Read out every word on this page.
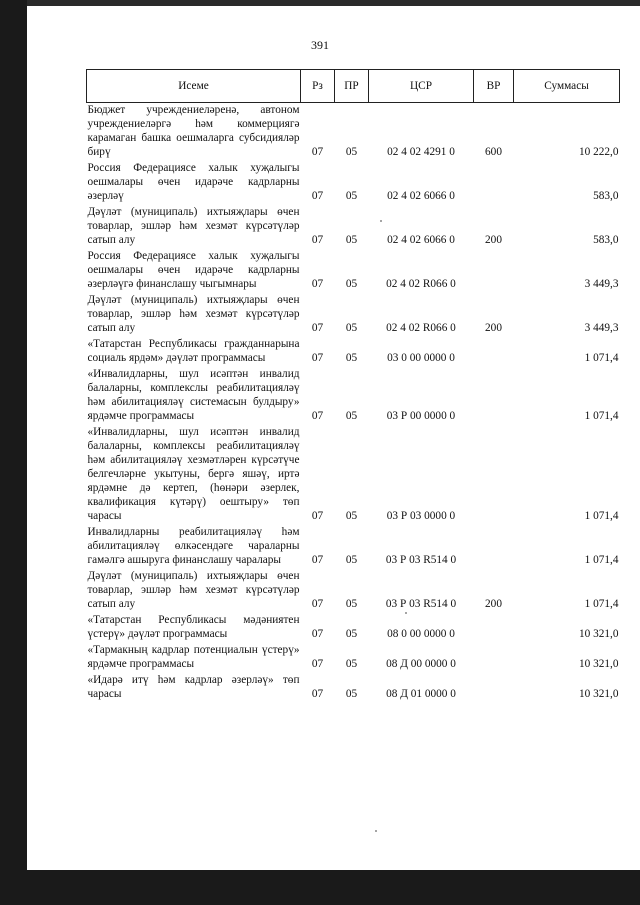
391
Исеме	Рз	ПР	ЦСР	ВР	Суммасы
Бюджет учреждениеләренә, автоном учреждениеләргә һәм коммерциягә карамаган башка оешмаларга субсидияләр бирү	07	05	02 4 02 4291 0	600	10 222,0
Россия Федерациясе халык хуҗалыгы оешмалары өчен идарәче кадрларны әзерләү	07	05	02 4 02 6066 0		583,0
Дәүләт (муниципаль) ихтыяҗлары өчен товарлар, эшләр һәм хезмәт күрсәтүләр сатып алу	07	05	02 4 02 6066 0	200	583,0
Россия Федерациясе халык хуҗалыгы оешмалары өчен идарәче кадрларны әзерләүгә финанслашу чыгымнары	07	05	02 4 02 R066 0		3 449,3
Дәүләт (муниципаль) ихтыяҗлары өчен товарлар, эшләр һәм хезмәт күрсәтүләр сатып алу	07	05	02 4 02 R066 0	200	3 449,3
«Татарстан Республикасы гражданнарына социаль ярдәм» дәүләт программасы	07	05	03 0 00 0000 0		1 071,4
«Инвалидларны, шул исәптән инвалид балаларны, комплекслы реабилитацияләү һәм абилитацияләү системасын булдыру» ярдәмче программасы	07	05	03 Р 00 0000 0		1 071,4
«Инвалидларны, шул исәптән инвалид балаларны, комплексы реабилитацияләү һәм абилитацияләү хезмәтләрен күрсәтүче белгечләрне укытуны, бергә яшәү, иртә ярдәмне дә кертеп, (һөнәри әзерлек, квалификация күтәрү) оештыру» төп чарасы	07	05	03 Р 03 0000 0		1 071,4
Инвалидларны реабилитацияләү һәм абилитацияләү өлкәсендәге чараларны гамәлгә ашыруга финанслашу чаралары	07	05	03 Р 03 R514 0		1 071,4
Дәүләт (муниципаль) ихтыяҗлары өчен товарлар, эшләр һәм хезмәт күрсәтүләр сатып алу	07	05	03 Р 03 R514 0	200	1 071,4
«Татарстан Республикасы мәдәниятен үстерү» дәүләт программасы	07	05	08 0 00 0000 0		10 321,0
«Тармакның кадрлар потенциалын үстерү» ярдәмче программасы	07	05	08 Д 00 0000 0		10 321,0
«Идарә итү һәм кадрлар әзерләү» төп чарасы	07	05	08 Д 01 0000 0		10 321,0
